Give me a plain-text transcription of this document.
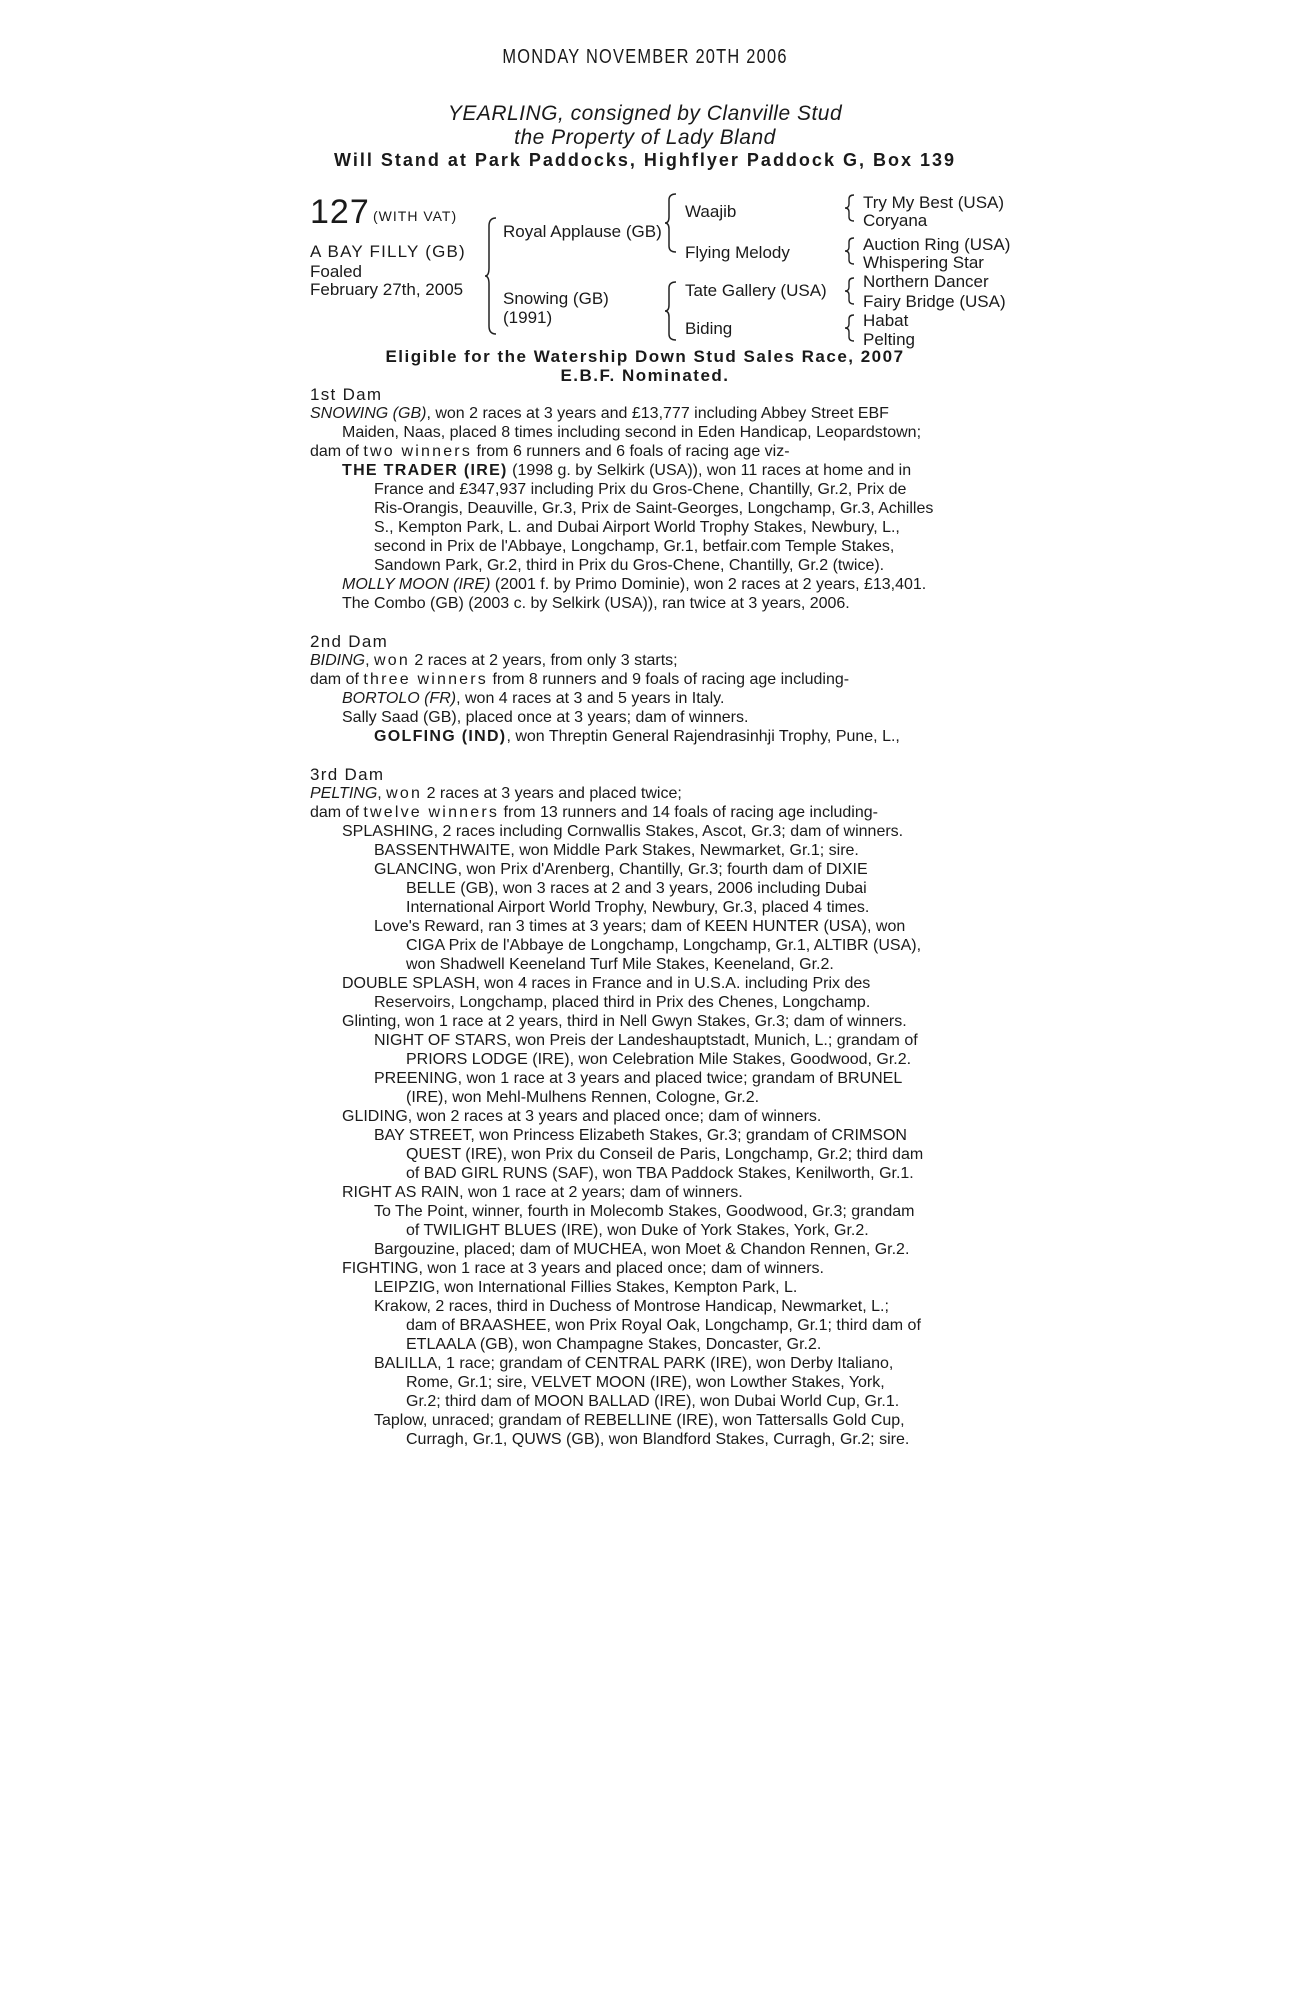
MONDAY NOVEMBER 20TH 2006
YEARLING, consigned by Clanville Stud
the Property of Lady Bland
Will Stand at Park Paddocks, Highflyer Paddock G, Box 139
127 (WITH VAT)
A BAY FILLY (GB)
Foaled
February 27th, 2005
Royal Applause (GB)
Snowing (GB)
(1991)
Waajib
Flying Melody
Tate Gallery (USA)
Biding
Try My Best (USA)
Coryana
Auction Ring (USA)
Whispering Star
Northern Dancer
Fairy Bridge (USA)
Habat
Pelting
Eligible for the Watership Down Stud Sales Race, 2007
E.B.F. Nominated.
1st Dam
SNOWING (GB), won 2 races at 3 years and £13,777 including Abbey Street EBF
Maiden, Naas, placed 8 times including second in Eden Handicap, Leopardstown;
dam of two winners from 6 runners and 6 foals of racing age viz-
THE TRADER (IRE) (1998 g. by Selkirk (USA)), won 11 races at home and in
France and £347,937 including Prix du Gros-Chene, Chantilly, Gr.2, Prix de
Ris-Orangis, Deauville, Gr.3, Prix de Saint-Georges, Longchamp, Gr.3, Achilles
S., Kempton Park, L. and Dubai Airport World Trophy Stakes, Newbury, L.,
second in Prix de l'Abbaye, Longchamp, Gr.1, betfair.com Temple Stakes,
Sandown Park, Gr.2, third in Prix du Gros-Chene, Chantilly, Gr.2 (twice).
MOLLY MOON (IRE) (2001 f. by Primo Dominie), won 2 races at 2 years, £13,401.
The Combo (GB) (2003 c. by Selkirk (USA)), ran twice at 3 years, 2006.
2nd Dam
BIDING, won 2 races at 2 years, from only 3 starts;
dam of three winners from 8 runners and 9 foals of racing age including-
BORTOLO (FR), won 4 races at 3 and 5 years in Italy.
Sally Saad (GB), placed once at 3 years; dam of winners.
GOLFING (IND), won Threptin General Rajendrasinhji Trophy, Pune, L.,
3rd Dam
PELTING, won 2 races at 3 years and placed twice;
dam of twelve winners from 13 runners and 14 foals of racing age including-
SPLASHING, 2 races including Cornwallis Stakes, Ascot, Gr.3; dam of winners.
BASSENTHWAITE, won Middle Park Stakes, Newmarket, Gr.1; sire.
GLANCING, won Prix d'Arenberg, Chantilly, Gr.3; fourth dam of DIXIE
BELLE (GB), won 3 races at 2 and 3 years, 2006 including Dubai
International Airport World Trophy, Newbury, Gr.3, placed 4 times.
Love's Reward, ran 3 times at 3 years; dam of KEEN HUNTER (USA), won
CIGA Prix de l'Abbaye de Longchamp, Longchamp, Gr.1, ALTIBR (USA),
won Shadwell Keeneland Turf Mile Stakes, Keeneland, Gr.2.
DOUBLE SPLASH, won 4 races in France and in U.S.A. including Prix des
Reservoirs, Longchamp, placed third in Prix des Chenes, Longchamp.
Glinting, won 1 race at 2 years, third in Nell Gwyn Stakes, Gr.3; dam of winners.
NIGHT OF STARS, won Preis der Landeshauptstadt, Munich, L.; grandam of
PRIORS LODGE (IRE), won Celebration Mile Stakes, Goodwood, Gr.2.
PREENING, won 1 race at 3 years and placed twice; grandam of BRUNEL
(IRE), won Mehl-Mulhens Rennen, Cologne, Gr.2.
GLIDING, won 2 races at 3 years and placed once; dam of winners.
BAY STREET, won Princess Elizabeth Stakes, Gr.3; grandam of CRIMSON
QUEST (IRE), won Prix du Conseil de Paris, Longchamp, Gr.2; third dam
of BAD GIRL RUNS (SAF), won TBA Paddock Stakes, Kenilworth, Gr.1.
RIGHT AS RAIN, won 1 race at 2 years; dam of winners.
To The Point, winner, fourth in Molecomb Stakes, Goodwood, Gr.3; grandam
of TWILIGHT BLUES (IRE), won Duke of York Stakes, York, Gr.2.
Bargouzine, placed; dam of MUCHEA, won Moet & Chandon Rennen, Gr.2.
FIGHTING, won 1 race at 3 years and placed once; dam of winners.
LEIPZIG, won International Fillies Stakes, Kempton Park, L.
Krakow, 2 races, third in Duchess of Montrose Handicap, Newmarket, L.;
dam of BRAASHEE, won Prix Royal Oak, Longchamp, Gr.1; third dam of
ETLAALA (GB), won Champagne Stakes, Doncaster, Gr.2.
BALILLA, 1 race; grandam of CENTRAL PARK (IRE), won Derby Italiano,
Rome, Gr.1; sire, VELVET MOON (IRE), won Lowther Stakes, York,
Gr.2; third dam of MOON BALLAD (IRE), won Dubai World Cup, Gr.1.
Taplow, unraced; grandam of REBELLINE (IRE), won Tattersalls Gold Cup,
Curragh, Gr.1, QUWS (GB), won Blandford Stakes, Curragh, Gr.2; sire.
